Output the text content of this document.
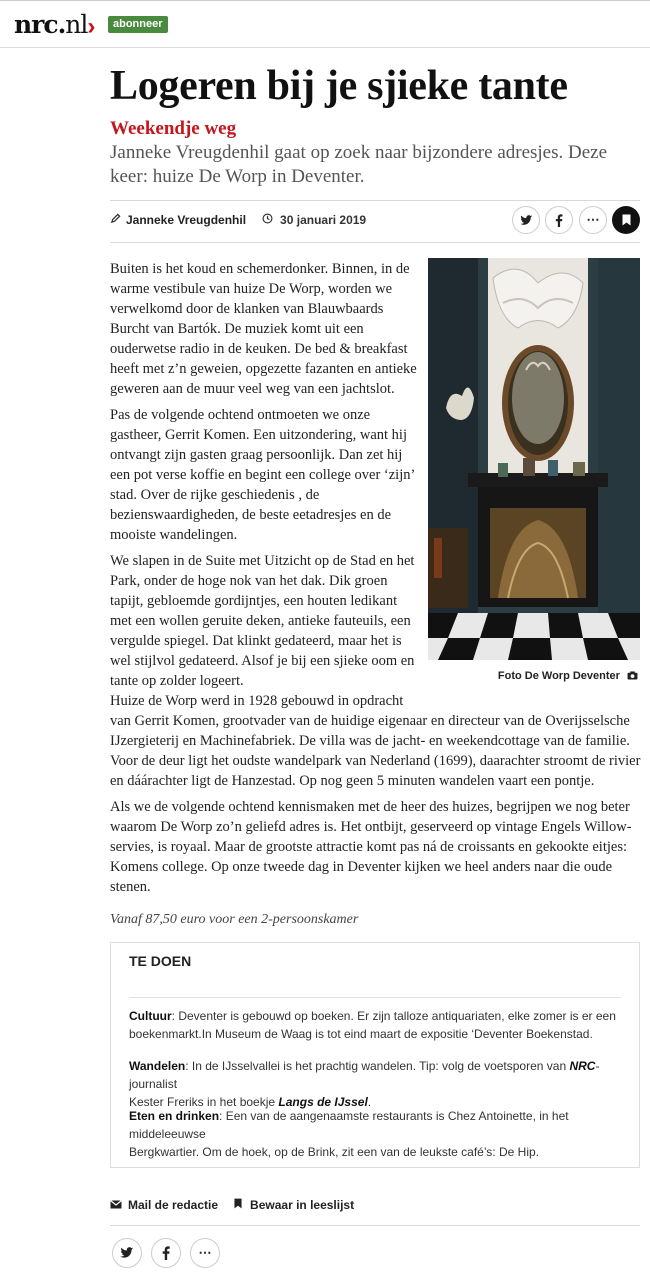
nrc.nl›	abonneer
Logeren bij je sjieke tante
Weekendje weg
Janneke Vreugdenhil gaat op zoek naar bijzondere adresjes. Deze keer: huize De Worp in Deventer.
Janneke Vreugdenhil	30 januari 2019	⋯
Buiten is het koud en schemerdonker. Binnen, in de
warme vestibule van huize De Worp, worden we
verwelkomd door de klanken van Blauwbaards
Burcht van Bartók. De muziek komt uit een
ouderwetse radio in de keuken. De bed & breakfast
heeft met z’n geweien, opgezette fazanten en antieke
geweren aan de muur veel weg van een jachtslot.
Pas de volgende ochtend ontmoeten we onze
gastheer, Gerrit Komen. Een uitzondering, want hij
ontvangt zijn gasten graag persoonlijk. Dan zet hij
een pot verse koffie en begint een college over ‘zijn’
stad. Over de rijke geschiedenis , de
bezienswaardigheden, de beste eetadresjes en de
mooiste wandelingen.
We slapen in de Suite met Uitzicht op de Stad en het
Park, onder de hoge nok van het dak. Dik groen
tapijt, gebloemde gordijntjes, een houten ledikant
met een wollen geruite deken, antieke fauteuils, een
vergulde spiegel. Dat klinkt gedateerd, maar het is
wel stijlvol gedateerd. Alsof je bij een sjieke oom en
tante op zolder logeert.	Foto De Worp Deventer
Huize de Worp werd in 1928 gebouwd in opdracht
van Gerrit Komen, grootvader van de huidige eigenaar en directeur van de Overijsselsche
IJzergieterij en Machinefabriek. De villa was de jacht- en weekendcottage van de familie.
Voor de deur ligt het oudste wandelpark van Nederland (1699), daarachter stroomt de rivier
en dáárachter ligt de Hanzestad. Op nog geen 5 minuten wandelen vaart een pontje.
Als we de volgende ochtend kennismaken met de heer des huizes, begrijpen we nog beter
waarom De Worp zo’n geliefd adres is. Het ontbijt, geserveerd op vintage Engels Willow-
servies, is royaal. Maar de grootste attractie komt pas ná de croissants en gekookte eitjes:
Komens college. Op onze tweede dag in Deventer kijken we heel anders naar die oude
stenen.
Vanaf 87,50 euro voor een 2-persoonskamer
TE DOEN
Cultuur: Deventer is gebouwd op boeken. Er zijn talloze antiquariaten, elke zomer is er een
boekenmarkt.In Museum de Waag is tot eind maart de expositie ‘Deventer Boekenstad.
Wandelen: In de IJsselvallei is het prachtig wandelen. Tip: volg de voetsporen van NRC-journalist
Kester Freriks in het boekje Langs de IJssel.
Eten en drinken: Een van de aangenaamste restaurants is Chez Antoinette, in het middeleeuwse
Bergkwartier. Om de hoek, op de Brink, zit een van de leukste café’s: De Hip.
Mail de redactie	Bewaar in leeslijst
⋯
